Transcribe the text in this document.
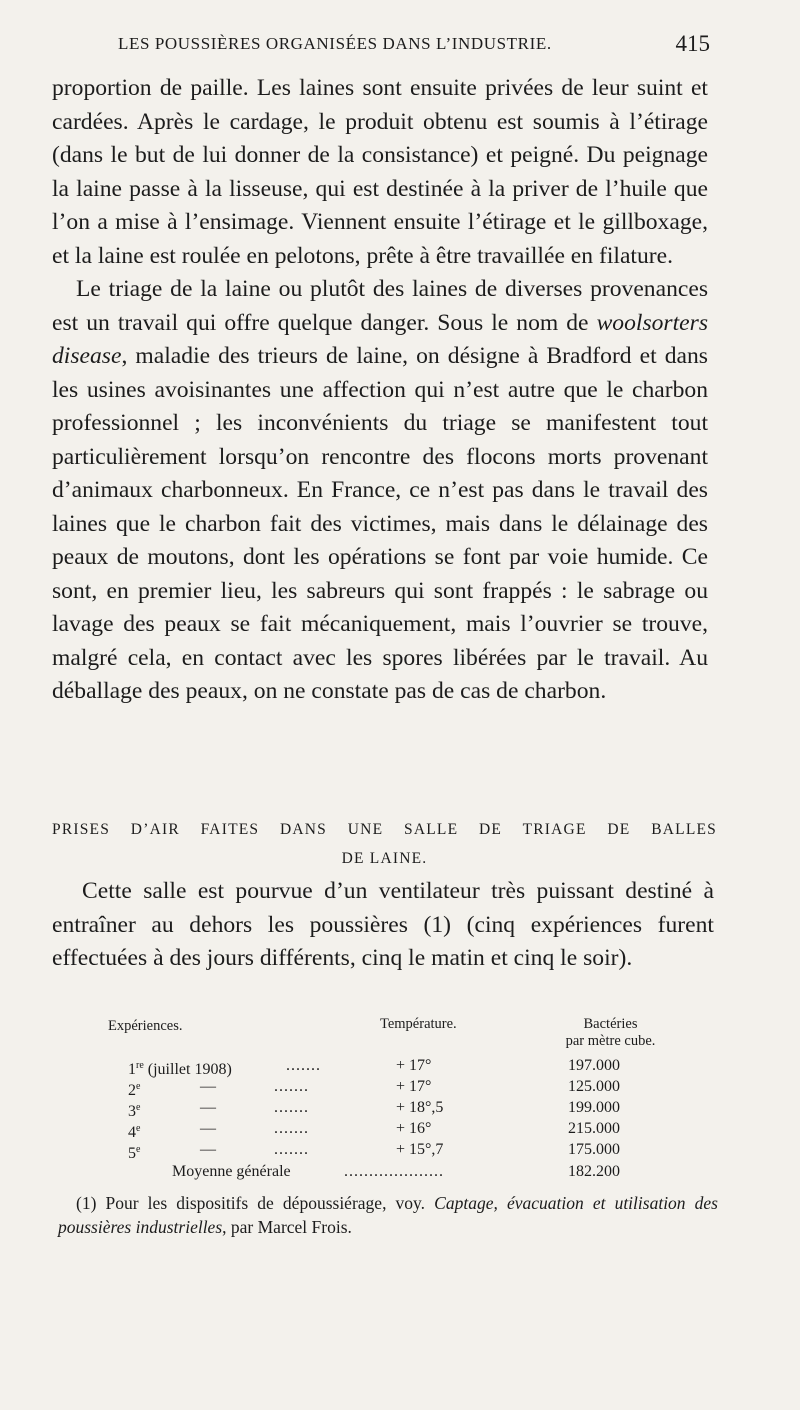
LES POUSSIÈRES ORGANISÉES DANS L’INDUSTRIE.	415

proportion de paille. Les laines sont ensuite privées de leur suint et cardées. Après le cardage, le produit obtenu est soumis à l’étirage (dans le but de lui donner de la consistance) et peigné. Du peignage la laine passe à la lisseuse, qui est destinée à la priver de l’huile que l’on a mise à l’ensimage. Viennent ensuite l’étirage et le gillboxage, et la laine est roulée en pelotons, prête à être travaillée en filature.

Le triage de la laine ou plutôt des laines de diverses provenances est un travail qui offre quelque danger. Sous le nom de woolsorters disease, maladie des trieurs de laine, on désigne à Bradford et dans les usines avoisinantes une affection qui n’est autre que le charbon professionnel ; les inconvénients du triage se manifestent tout particulièrement lorsqu’on rencontre des flocons morts provenant d’animaux charbonneux. En France, ce n’est pas dans le travail des laines que le charbon fait des victimes, mais dans le délainage des peaux de moutons, dont les opérations se font par voie humide. Ce sont, en premier lieu, les sabreurs qui sont frappés : le sabrage ou lavage des peaux se fait mécaniquement, mais l’ouvrier se trouve, malgré cela, en contact avec les spores libérées par le travail. Au déballage des peaux, on ne constate pas de cas de charbon.

PRISES D’AIR FAITES DANS UNE SALLE DE TRIAGE DE BALLES
DE LAINE.

Cette salle est pourvue d’un ventilateur très puissant destiné à entraîner au dehors les poussières (1) (cinq expériences furent effectuées à des jours différents, cinq le matin et cinq le soir).

Expériences.	Température.	Bactéries
par mètre cube.
1re (juillet 1908)	.......	+ 17°	197.000
2e	—	.......	+ 17°	125.000
3e	—	.......	+ 18°,5	199.000
4e	—	.......	+ 16°	215.000
5e	—	.......	+ 15°,7	175.000
Moyenne générale	....................	182.200
(1) Pour les dispositifs de dépoussiérage, voy. Captage, évacuation et utilisation des poussières industrielles, par Marcel Frois.
